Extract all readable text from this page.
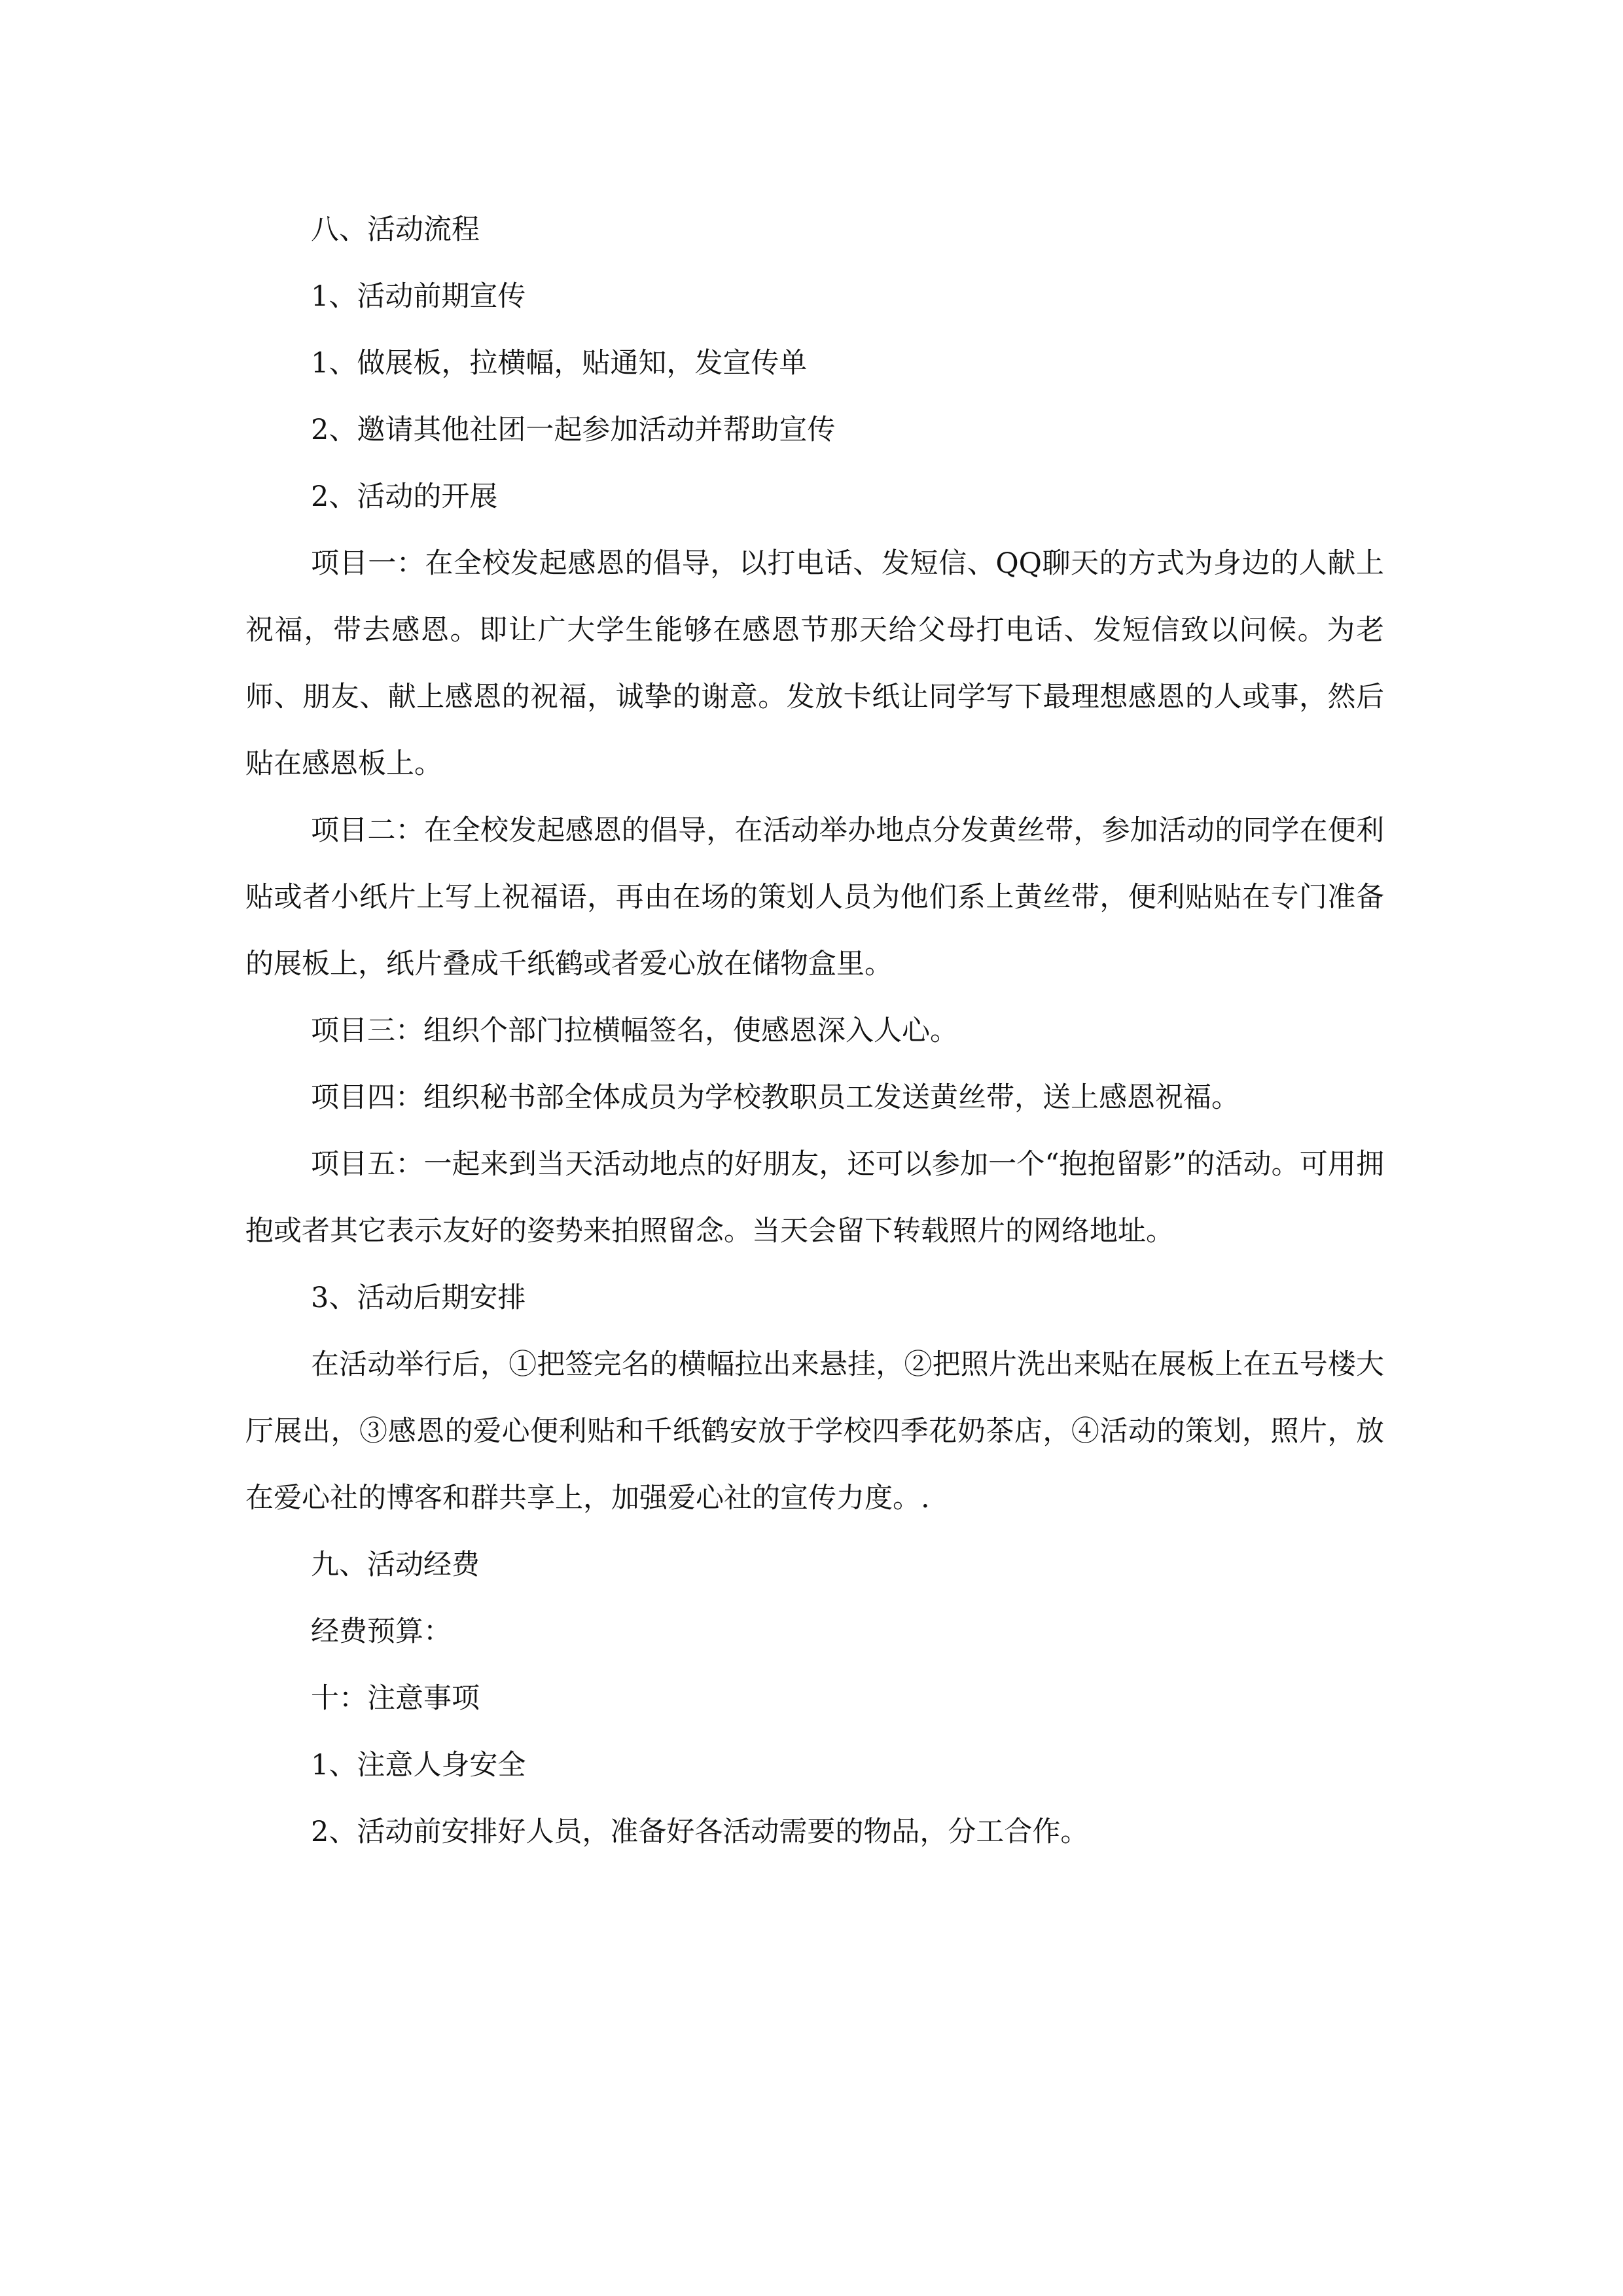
八、活动流程

1、活动前期宣传

1、做展板，拉横幅，贴通知，发宣传单

2、邀请其他社团一起参加活动并帮助宣传

2、活动的开展

项目一：在全校发起感恩的倡导，以打电话、发短信、QQ聊天的方式为身边的人献上祝福，带去感恩。即让广大学生能够在感恩节那天给父母打电话、发短信致以问候。为老师、朋友、献上感恩的祝福，诚挚的谢意。发放卡纸让同学写下最理想感恩的人或事，然后贴在感恩板上。

项目二：在全校发起感恩的倡导，在活动举办地点分发黄丝带，参加活动的同学在便利贴或者小纸片上写上祝福语，再由在场的策划人员为他们系上黄丝带，便利贴贴在专门准备的展板上，纸片叠成千纸鹤或者爱心放在储物盒里。

项目三：组织个部门拉横幅签名，使感恩深入人心。

项目四：组织秘书部全体成员为学校教职员工发送黄丝带，送上感恩祝福。

项目五：一起来到当天活动地点的好朋友，还可以参加一个“抱抱留影”的活动。可用拥抱或者其它表示友好的姿势来拍照留念。当天会留下转载照片的网络地址。

3、活动后期安排

在活动举行后，①把签完名的横幅拉出来悬挂，②把照片洗出来贴在展板上在五号楼大厅展出，③感恩的爱心便利贴和千纸鹤安放于学校四季花奶茶店，④活动的策划，照片，放在爱心社的博客和群共享上，加强爱心社的宣传力度。.

九、活动经费

经费预算：

十：注意事项

1、注意人身安全

2、活动前安排好人员，准备好各活动需要的物品，分工合作。
